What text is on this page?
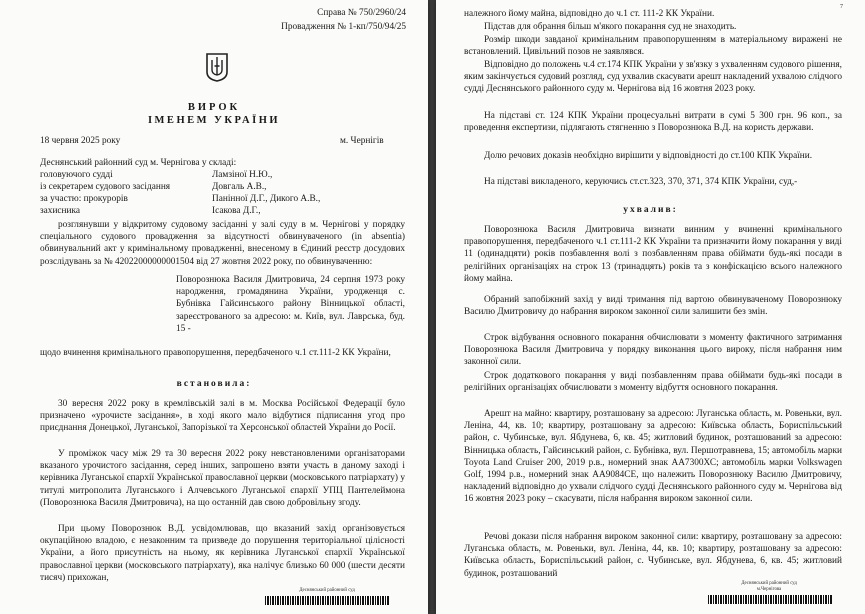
Справа № 750/2960/24
Провадження № 1-кп/750/94/25
ВИРОК
ІМЕНЕМ УКРАЇНИ
18 червня 2025 року	м. Чернігів
Деснянський районний суд м. Чернігова у складі:
головуючого судді	Ламзіної Н.Ю.,
із секретарем судового засідання	Довгаль А.В.,
за участю: прокурорів	Панінної Д.Г., Дикого А.В.,
захисника	Ісакова Д.Г.,
розглянувши у відкритому судовому засіданні у залі суду в м. Чернігові у порядку спеціального судового провадження за відсутності обвинуваченого (in absentia) обвинувальний акт у кримінальному провадженні, внесеному в Єдиний реєстр досудових розслідувань за № 42022000000001504 від 27 жовтня 2022 року, по обвинуваченню:
Поворознюка Василя Дмитровича, 24 серпня 1973 року народження, громадянина України, уродженця с. Бубнівка Гайсинського району Вінницької області, зареєстрованого за адресою: м. Київ, вул. Лаврська, буд. 15 -
щодо вчинення кримінального правопорушення, передбаченого ч.1 ст.111-2 КК України,
встановила:
30 вересня 2022 року в кремлівській залі в м. Москва Російської Федерації було призначено «урочисте засідання», в ході якого мало відбутися підписання угод про приєднання Донецької, Луганської, Запорізької та Херсонської областей України до Росії.
У проміжок часу між 29 та 30 вересня 2022 року невстановленими організаторами вказаного урочистого засідання, серед інших, запрошено взяти участь в даному заході і керівника Луганської єпархії Української православної церкви (московського патріархату) у титулі митрополита Луганського і Алчевського Луганської єпархії УПЦ Пантелеймона (Поворознюка Василя Дмитровича), на що останній дав свою добровільну згоду.
При цьому Поворознюк В.Д. усвідомлював, що вказаний захід організовується окупаційною владою, є незаконним та призведе до порушення територіальної цілісності України, а його присутність на ньому, як керівника Луганської єпархії Української православної церкви (московського патріархату), яка налічує близько 60 000 (шести десяти тисяч) прихожан,
Деснянський районний суд
7
належного йому майна, відповідно до ч.1 ст. 111-2 КК України.
Підстав для обрання більш м'якого покарання суд не знаходить.
Розмір шкоди завданої кримінальним правопорушенням в матеріальному виражені не встановлений. Цивільний позов не заявлявся.
Відповідно до положень ч.4 ст.174 КПК України у зв'язку з ухваленням судового рішення, яким закінчується судовий розгляд, суд ухвалив скасувати арешт накладений ухвалою слідчого судді Деснянського районного суду м. Чернігова від 16 жовтня 2023 року.
На підставі ст. 124 КПК України процесуальні витрати в сумі 5 300 грн. 96 коп., за проведення експертизи, підлягають стягненню з Поворознюка В.Д. на користь держави.
Долю речових доказів необхідно вирішити у відповідності до ст.100 КПК України.
На підставі викладеного, керуючись ст.ст.323, 370, 371, 374 КПК України, суд,-
ухвалив:
Поворознюка Василя Дмитровича визнати винним у вчиненні кримінального правопорушення, передбаченого ч.1 ст.111-2 КК України та призначити йому покарання у виді 11 (одинадцяти) років позбавлення волі з позбавленням права обіймати будь-які посади в релігійних організаціях на строк 13 (тринадцять) років та з конфіскацією всього належного йому майна.
Обраний запобіжний захід у виді тримання під вартою обвинуваченому Поворознюку Василю Дмитровичу до набрання вироком законної сили залишити без змін.
Строк відбування основного покарання обчислювати з моменту фактичного затримання Поворознюка Василя Дмитровича у порядку виконання цього вироку, після набрання ним законної сили.
Строк додаткового покарання у виді позбавленням права обіймати будь-які посади в релігійних організаціях обчислювати з моменту відбуття основного покарання.
Арешт на майно: квартиру, розташовану за адресою: Луганська область, м. Ровеньки, вул. Леніна, 44, кв. 10; квартиру, розташовану за адресою: Київська область, Бориспільський район, с. Чубинське, вул. Ябдунева, 6, кв. 45; житловий будинок, розташований за адресою: Вінницька область, Гайсинський район, с. Бубнівка, вул. Першотравнева, 15; автомобіль марки Toyota Land Cruiser 200, 2019 р.в., номерний знак АА7300ХС; автомобіль марки Volkswagen Golf, 1994 р.в., номерний знак АА9084СЕ, що належить Поворознюку Василю Дмитровичу, накладений відповідно до ухвали слідчого судді Деснянського районного суду м. Чернігова від 16 жовтня 2023 року – скасувати, після набрання вироком законної сили.
Речові докази після набрання вироком законної сили: квартиру, розташовану за адресою: Луганська область, м. Ровеньки, вул. Леніна, 44, кв. 10; квартиру, розташовану за адресою: Київська область, Бориспільський район, с. Чубинське, вул. Ябдунева, 6, кв. 45; житловий будинок, розташований
Деснянський районний суд
м.Чернігова
